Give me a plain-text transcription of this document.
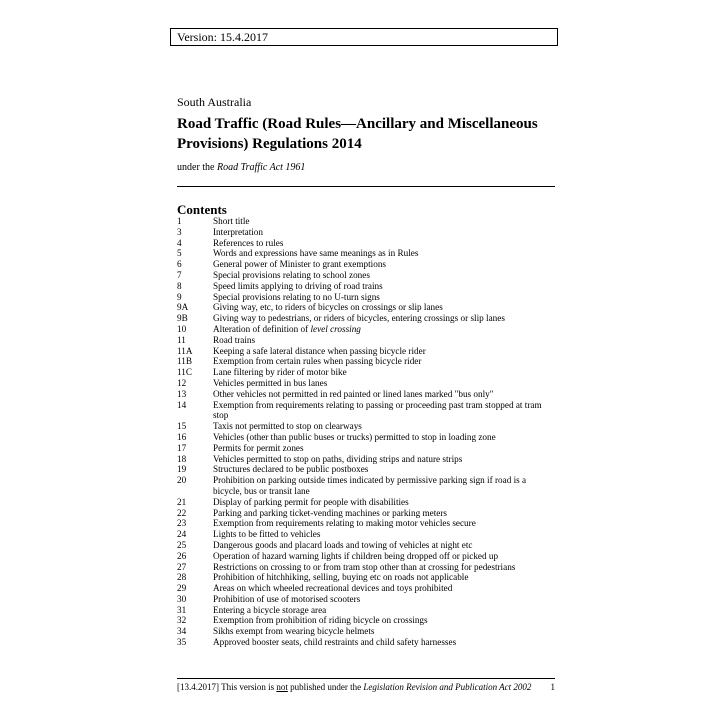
Version: 15.4.2017
South Australia
Road Traffic (Road Rules—Ancillary and Miscellaneous Provisions) Regulations 2014
under the Road Traffic Act 1961
Contents
1	Short title
3	Interpretation
4	References to rules
5	Words and expressions have same meanings as in Rules
6	General power of Minister to grant exemptions
7	Special provisions relating to school zones
8	Speed limits applying to driving of road trains
9	Special provisions relating to no U-turn signs
9A	Giving way, etc, to riders of bicycles on crossings or slip lanes
9B	Giving way to pedestrians, or riders of bicycles, entering crossings or slip lanes
10	Alteration of definition of level crossing
11	Road trains
11A	Keeping a safe lateral distance when passing bicycle rider
11B	Exemption from certain rules when passing bicycle rider
11C	Lane filtering by rider of motor bike
12	Vehicles permitted in bus lanes
13	Other vehicles not permitted in red painted or lined lanes marked "bus only"
14	Exemption from requirements relating to passing or proceeding past tram stopped at tram stop
15	Taxis not permitted to stop on clearways
16	Vehicles (other than public buses or trucks) permitted to stop in loading zone
17	Permits for permit zones
18	Vehicles permitted to stop on paths, dividing strips and nature strips
19	Structures declared to be public postboxes
20	Prohibition on parking outside times indicated by permissive parking sign if road is a bicycle, bus or transit lane
21	Display of parking permit for people with disabilities
22	Parking and parking ticket-vending machines or parking meters
23	Exemption from requirements relating to making motor vehicles secure
24	Lights to be fitted to vehicles
25	Dangerous goods and placard loads and towing of vehicles at night etc
26	Operation of hazard warning lights if children being dropped off or picked up
27	Restrictions on crossing to or from tram stop other than at crossing for pedestrians
28	Prohibition of hitchhiking, selling, buying etc on roads not applicable
29	Areas on which wheeled recreational devices and toys prohibited
30	Prohibition of use of motorised scooters
31	Entering a bicycle storage area
32	Exemption from prohibition of riding bicycle on crossings
34	Sikhs exempt from wearing bicycle helmets
35	Approved booster seats, child restraints and child safety harnesses
[13.4.2017] This version is not published under the Legislation Revision and Publication Act 2002 1
